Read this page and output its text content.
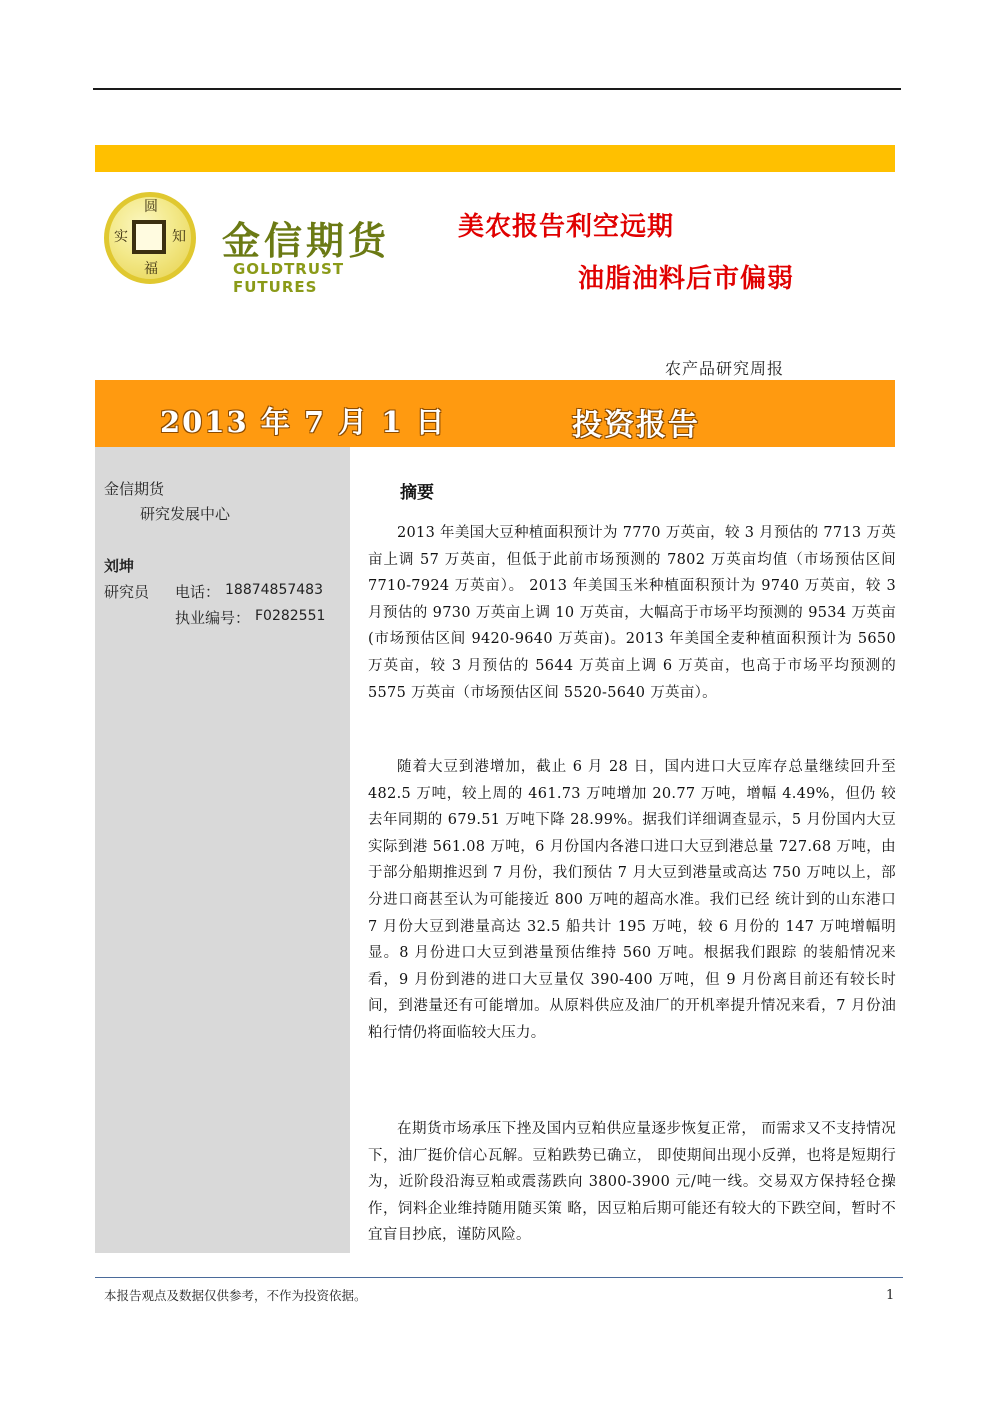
圆
知
福
实 金信期货
GOLDTRUST FUTURES
美农报告利空远期
油脂油料后市偏弱
农产品研究周报
2013 年 7 月 1 日	投资报告
金信期货
研究发展中心
刘坤
研究员 电话： 18874857483
执业编号： F0282551
摘要
2013 年美国大豆种植面积预计为 7770 万英亩，较 3 月预估的 7713 万英亩上调 57 万英亩，但低于此前市场预测的 7802 万英亩均值（市场预估区间 7710-7924 万英亩）。 2013 年美国玉米种植面积预计为 9740 万英亩，较 3 月预估的 9730 万英亩上调 10 万英亩，大幅高于市场平均预测的 9534 万英亩(市场预估区间 9420-9640 万英亩)。2013 年美国全麦种植面积预计为 5650 万英亩，较 3 月预估的 5644 万英亩上调 6 万英亩，也高于市场平均预测的 5575 万英亩（市场预估区间 5520-5640 万英亩）。
随着大豆到港增加，截止 6 月 28 日，国内进口大豆库存总量继续回升至 482.5 万吨，较上周的 461.73 万吨增加 20.77 万吨，增幅 4.49%，但仍 较去年同期的 679.51 万吨下降 28.99%。据我们详细调查显示，5 月份国内大豆实际到港 561.08 万吨，6 月份国内各港口进口大豆到港总量 727.68 万吨，由于部分船期推迟到 7 月份，我们预估 7 月大豆到港量或高达 750 万吨以上，部分进口商甚至认为可能接近 800 万吨的超高水准。我们已经 统计到的山东港口 7 月份大豆到港量高达 32.5 船共计 195 万吨，较 6 月份的 147 万吨增幅明显。8 月份进口大豆到港量预估维持 560 万吨。根据我们跟踪 的装船情况来看，9 月份到港的进口大豆量仅 390-400 万吨，但 9 月份离目前还有较长时间，到港量还有可能增加。从原料供应及油厂的开机率提升情况来看，7 月份油粕行情仍将面临较大压力。
在期货市场承压下挫及国内豆粕供应量逐步恢复正常， 而需求又不支持情况下，油厂挺价信心瓦解。豆粕跌势已确立， 即使期间出现小反弹，也将是短期行为，近阶段沿海豆粕或震荡跌向 3800-3900 元/吨一线。交易双方保持轻仓操作，饲料企业维持随用随买策 略，因豆粕后期可能还有较大的下跌空间，暂时不宜盲目抄底，谨防风险。
本报告观点及数据仅供参考，不作为投资依据。	1
